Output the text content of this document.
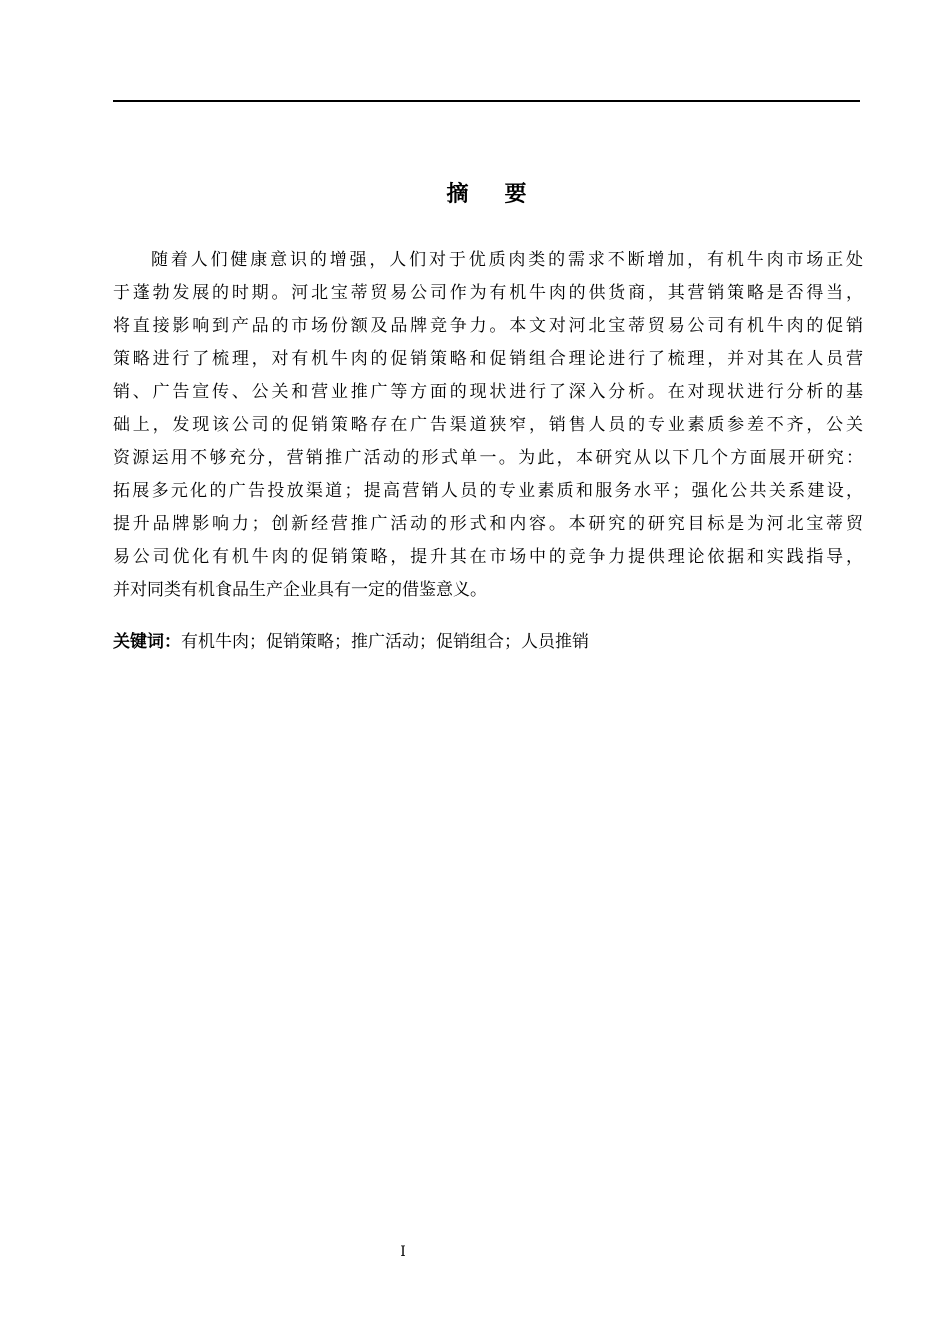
摘要
随着人们健康意识的增强，人们对于优质肉类的需求不断增加，有机牛肉市场正处
于蓬勃发展的时期。河北宝蒂贸易公司作为有机牛肉的供货商，其营销策略是否得当，
将直接影响到产品的市场份额及品牌竞争力。本文对河北宝蒂贸易公司有机牛肉的促销
策略进行了梳理，对有机牛肉的促销策略和促销组合理论进行了梳理，并对其在人员营
销、广告宣传、公关和营业推广等方面的现状进行了深入分析。在对现状进行分析的基
础上，发现该公司的促销策略存在广告渠道狭窄，销售人员的专业素质参差不齐，公关
资源运用不够充分，营销推广活动的形式单一。为此，本研究从以下几个方面展开研究：
拓展多元化的广告投放渠道；提高营销人员的专业素质和服务水平；强化公共关系建设，
提升品牌影响力；创新经营推广活动的形式和内容。本研究的研究目标是为河北宝蒂贸
易公司优化有机牛肉的促销策略，提升其在市场中的竞争力提供理论依据和实践指导，
并对同类有机食品生产企业具有一定的借鉴意义。
关键词：有机牛肉；促销策略；推广活动；促销组合；人员推销
I
